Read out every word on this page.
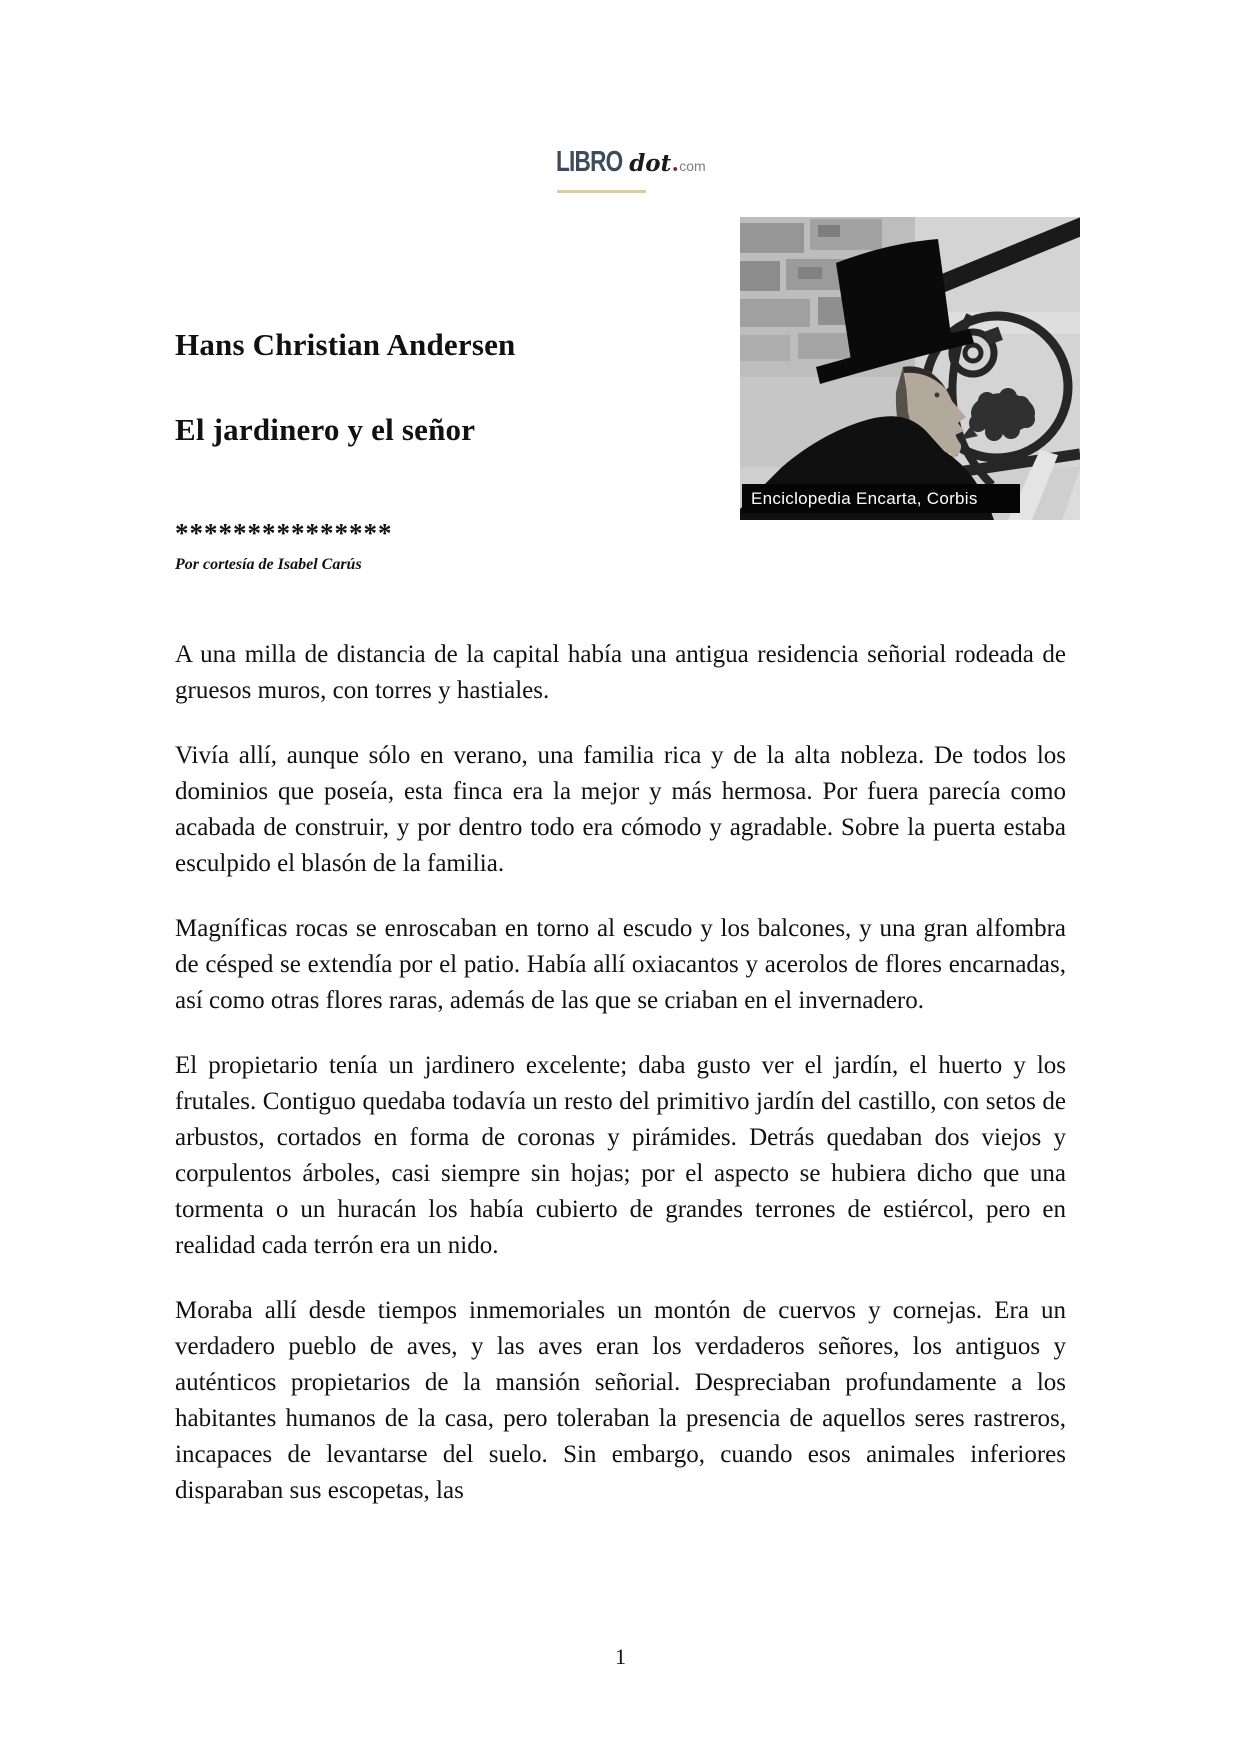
LIBRO dot . com
Enciclopedia Encarta, Corbis
Hans Christian Andersen
El jardinero y el señor
***************
Por cortesía de Isabel Carús

A una milla de distancia de la capital había una antigua residencia señorial rodeada de gruesos muros, con torres y hastiales.

Vivía allí, aunque sólo en verano, una familia rica y de la alta nobleza. De todos los dominios que poseía, esta finca era la mejor y más hermosa. Por fuera parecía como acabada de construir, y por dentro todo era cómodo y agradable. Sobre la puerta estaba esculpido el blasón de la familia.

Magníficas rocas se enroscaban en torno al escudo y los balcones, y una gran alfombra de césped se extendía por el patio. Había allí oxiacantos y acerolos de flores encarnadas, así como otras flores raras, además de las que se criaban en el invernadero.

El propietario tenía un jardinero excelente; daba gusto ver el jardín, el huerto y los frutales. Contiguo quedaba todavía un resto del primitivo jardín del castillo, con setos de arbustos, cortados en forma de coronas y pirámides. Detrás quedaban dos viejos y corpulentos árboles, casi siempre sin hojas; por el aspecto se hubiera dicho que una tormenta o un huracán los había cubierto de grandes terrones de estiércol, pero en realidad cada terrón era un nido.

Moraba allí desde tiempos inmemoriales un montón de cuervos y cornejas. Era un verdadero pueblo de aves, y las aves eran los verdaderos señores, los antiguos y auténticos propietarios de la mansión señorial. Despreciaban profundamente a los habitantes humanos de la casa, pero toleraban la presencia de aquellos seres rastreros, incapaces de levantarse del suelo. Sin embargo, cuando esos animales inferiores disparaban sus escopetas, las

1
